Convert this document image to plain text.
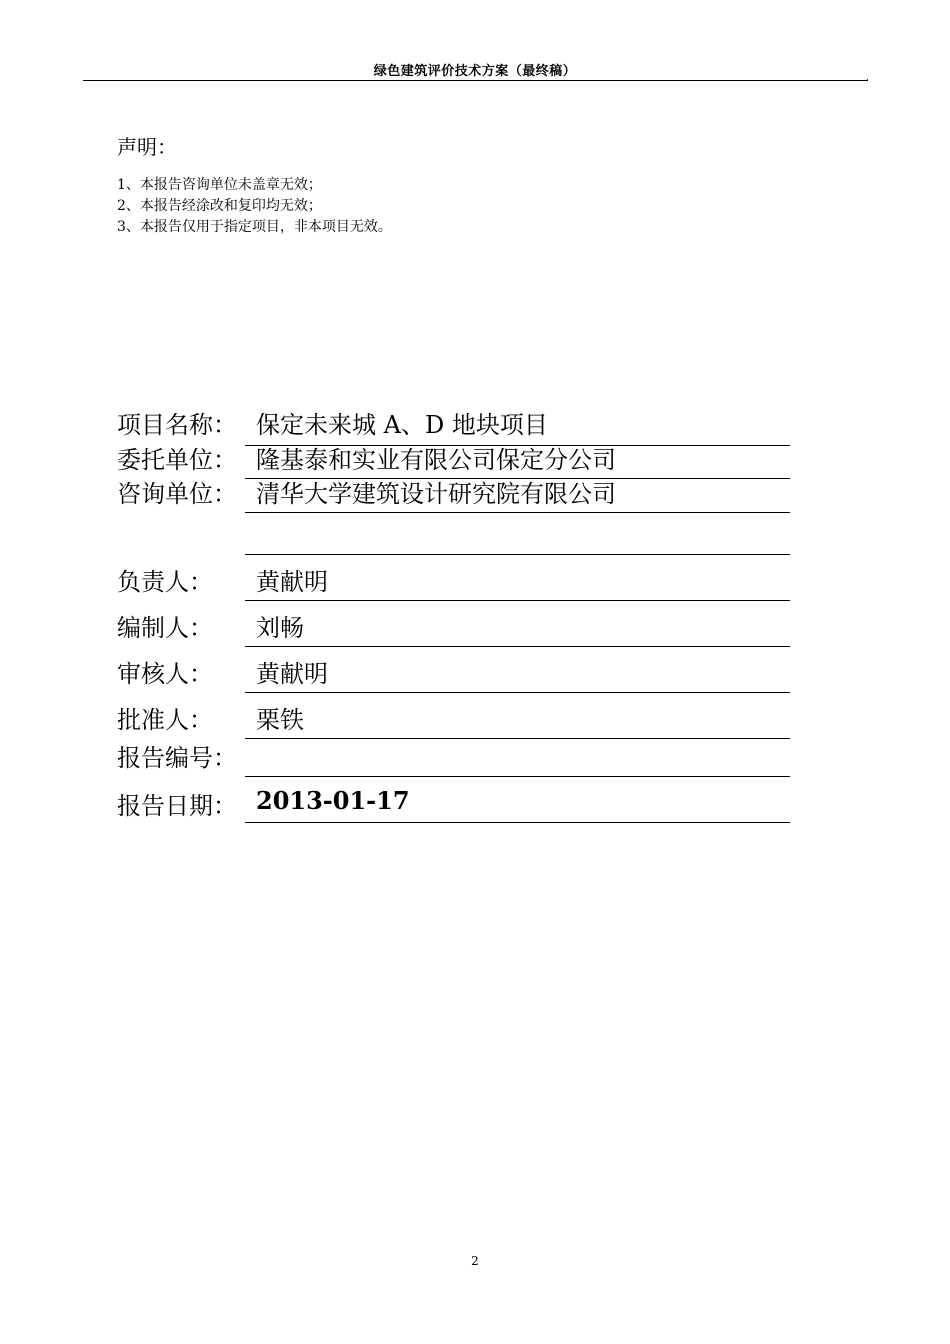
绿色建筑评价技术方案（最终稿）	.
声明：
1、本报告咨询单位未盖章无效；
2、本报告经涂改和复印均无效；
3、本报告仅用于指定项目，非本项目无效。
项目名称： 保定未来城 A、D 地块项目
委托单位： 隆基泰和实业有限公司保定分公司
咨询单位： 清华大学建筑设计研究院有限公司
负责人： 黄献明
编制人： 刘畅
审核人： 黄献明
批准人： 栗铁
报告编号：
报告日期： 2013-01-17
2
